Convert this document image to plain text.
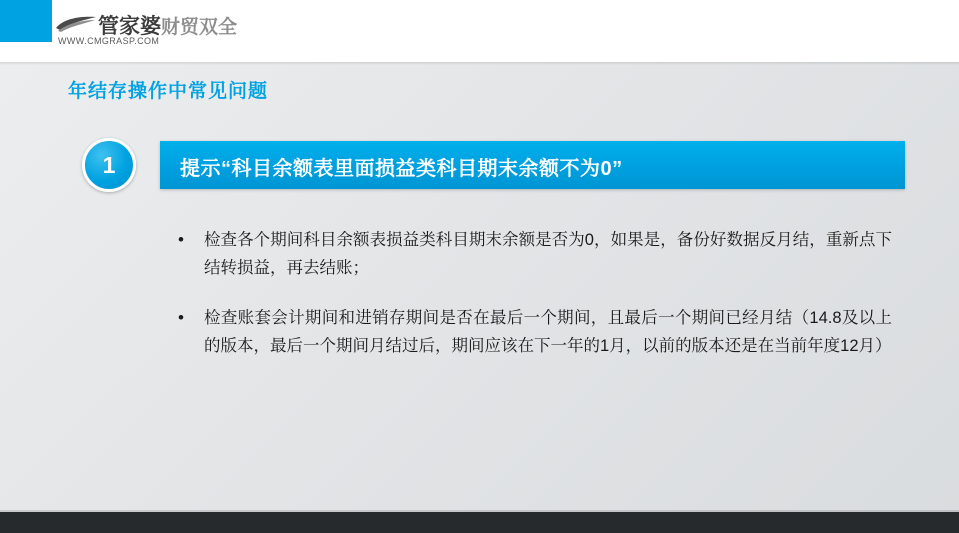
管家婆财贸双全
WWW.CMGRASP.COM
年结存操作中常见问题
1	提示“科目余额表里面损益类科目期末余额不为0”
• 检查各个期间科目余额表损益类科目期末余额是否为0，如果是，备份好数据反月结，重新点下结转损益，再去结账；
• 检查账套会计期间和进销存期间是否在最后一个期间，且最后一个期间已经月结（14.8及以上的版本，最后一个期间月结过后，期间应该在下一年的1月，以前的版本还是在当前年度12月）
